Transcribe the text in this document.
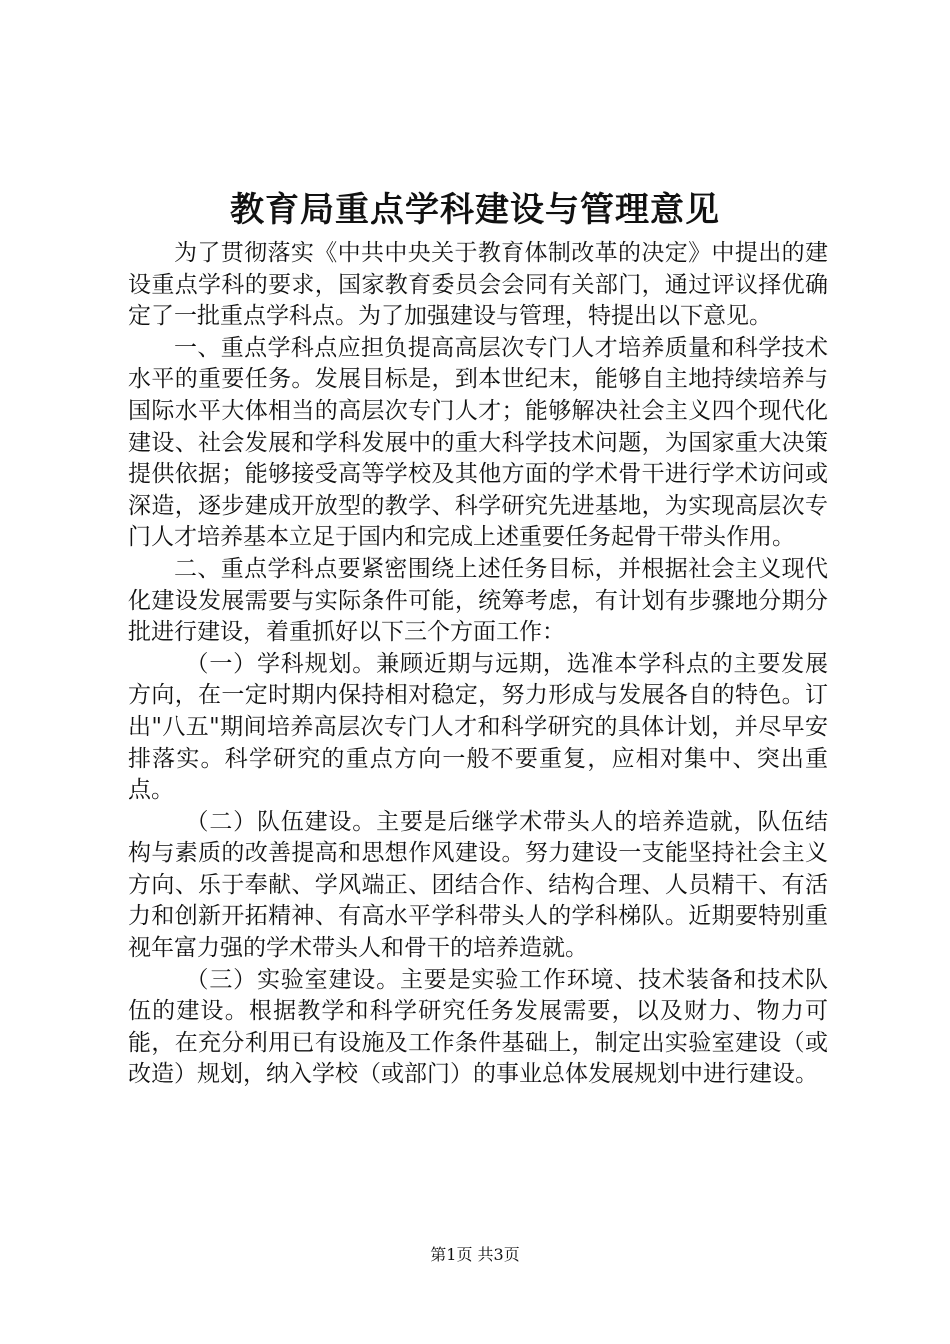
教育局重点学科建设与管理意见

为了贯彻落实《中共中央关于教育体制改革的决定》中提出的建设重点学科的要求，国家教育委员会会同有关部门，通过评议择优确定了一批重点学科点。为了加强建设与管理，特提出以下意见。

一、重点学科点应担负提高高层次专门人才培养质量和科学技术水平的重要任务。发展目标是，到本世纪末，能够自主地持续培养与国际水平大体相当的高层次专门人才；能够解决社会主义四个现代化建设、社会发展和学科发展中的重大科学技术问题，为国家重大决策提供依据；能够接受高等学校及其他方面的学术骨干进行学术访问或深造，逐步建成开放型的教学、科学研究先进基地，为实现高层次专门人才培养基本立足于国内和完成上述重要任务起骨干带头作用。

二、重点学科点要紧密围绕上述任务目标，并根据社会主义现代化建设发展需要与实际条件可能，统筹考虑，有计划有步骤地分期分批进行建设，着重抓好以下三个方面工作：

（一）学科规划。兼顾近期与远期，选准本学科点的主要发展方向，在一定时期内保持相对稳定，努力形成与发展各自的特色。订出"八五"期间培养高层次专门人才和科学研究的具体计划，并尽早安排落实。科学研究的重点方向一般不要重复，应相对集中、突出重点。

（二）队伍建设。主要是后继学术带头人的培养造就，队伍结构与素质的改善提高和思想作风建设。努力建设一支能坚持社会主义方向、乐于奉献、学风端正、团结合作、结构合理、人员精干、有活力和创新开拓精神、有高水平学科带头人的学科梯队。近期要特别重视年富力强的学术带头人和骨干的培养造就。

（三）实验室建设。主要是实验工作环境、技术装备和技术队伍的建设。根据教学和科学研究任务发展需要，以及财力、物力可能，在充分利用已有设施及工作条件基础上，制定出实验室建设（或改造）规划，纳入学校（或部门）的事业总体发展规划中进行建设。

第1页 共3页
